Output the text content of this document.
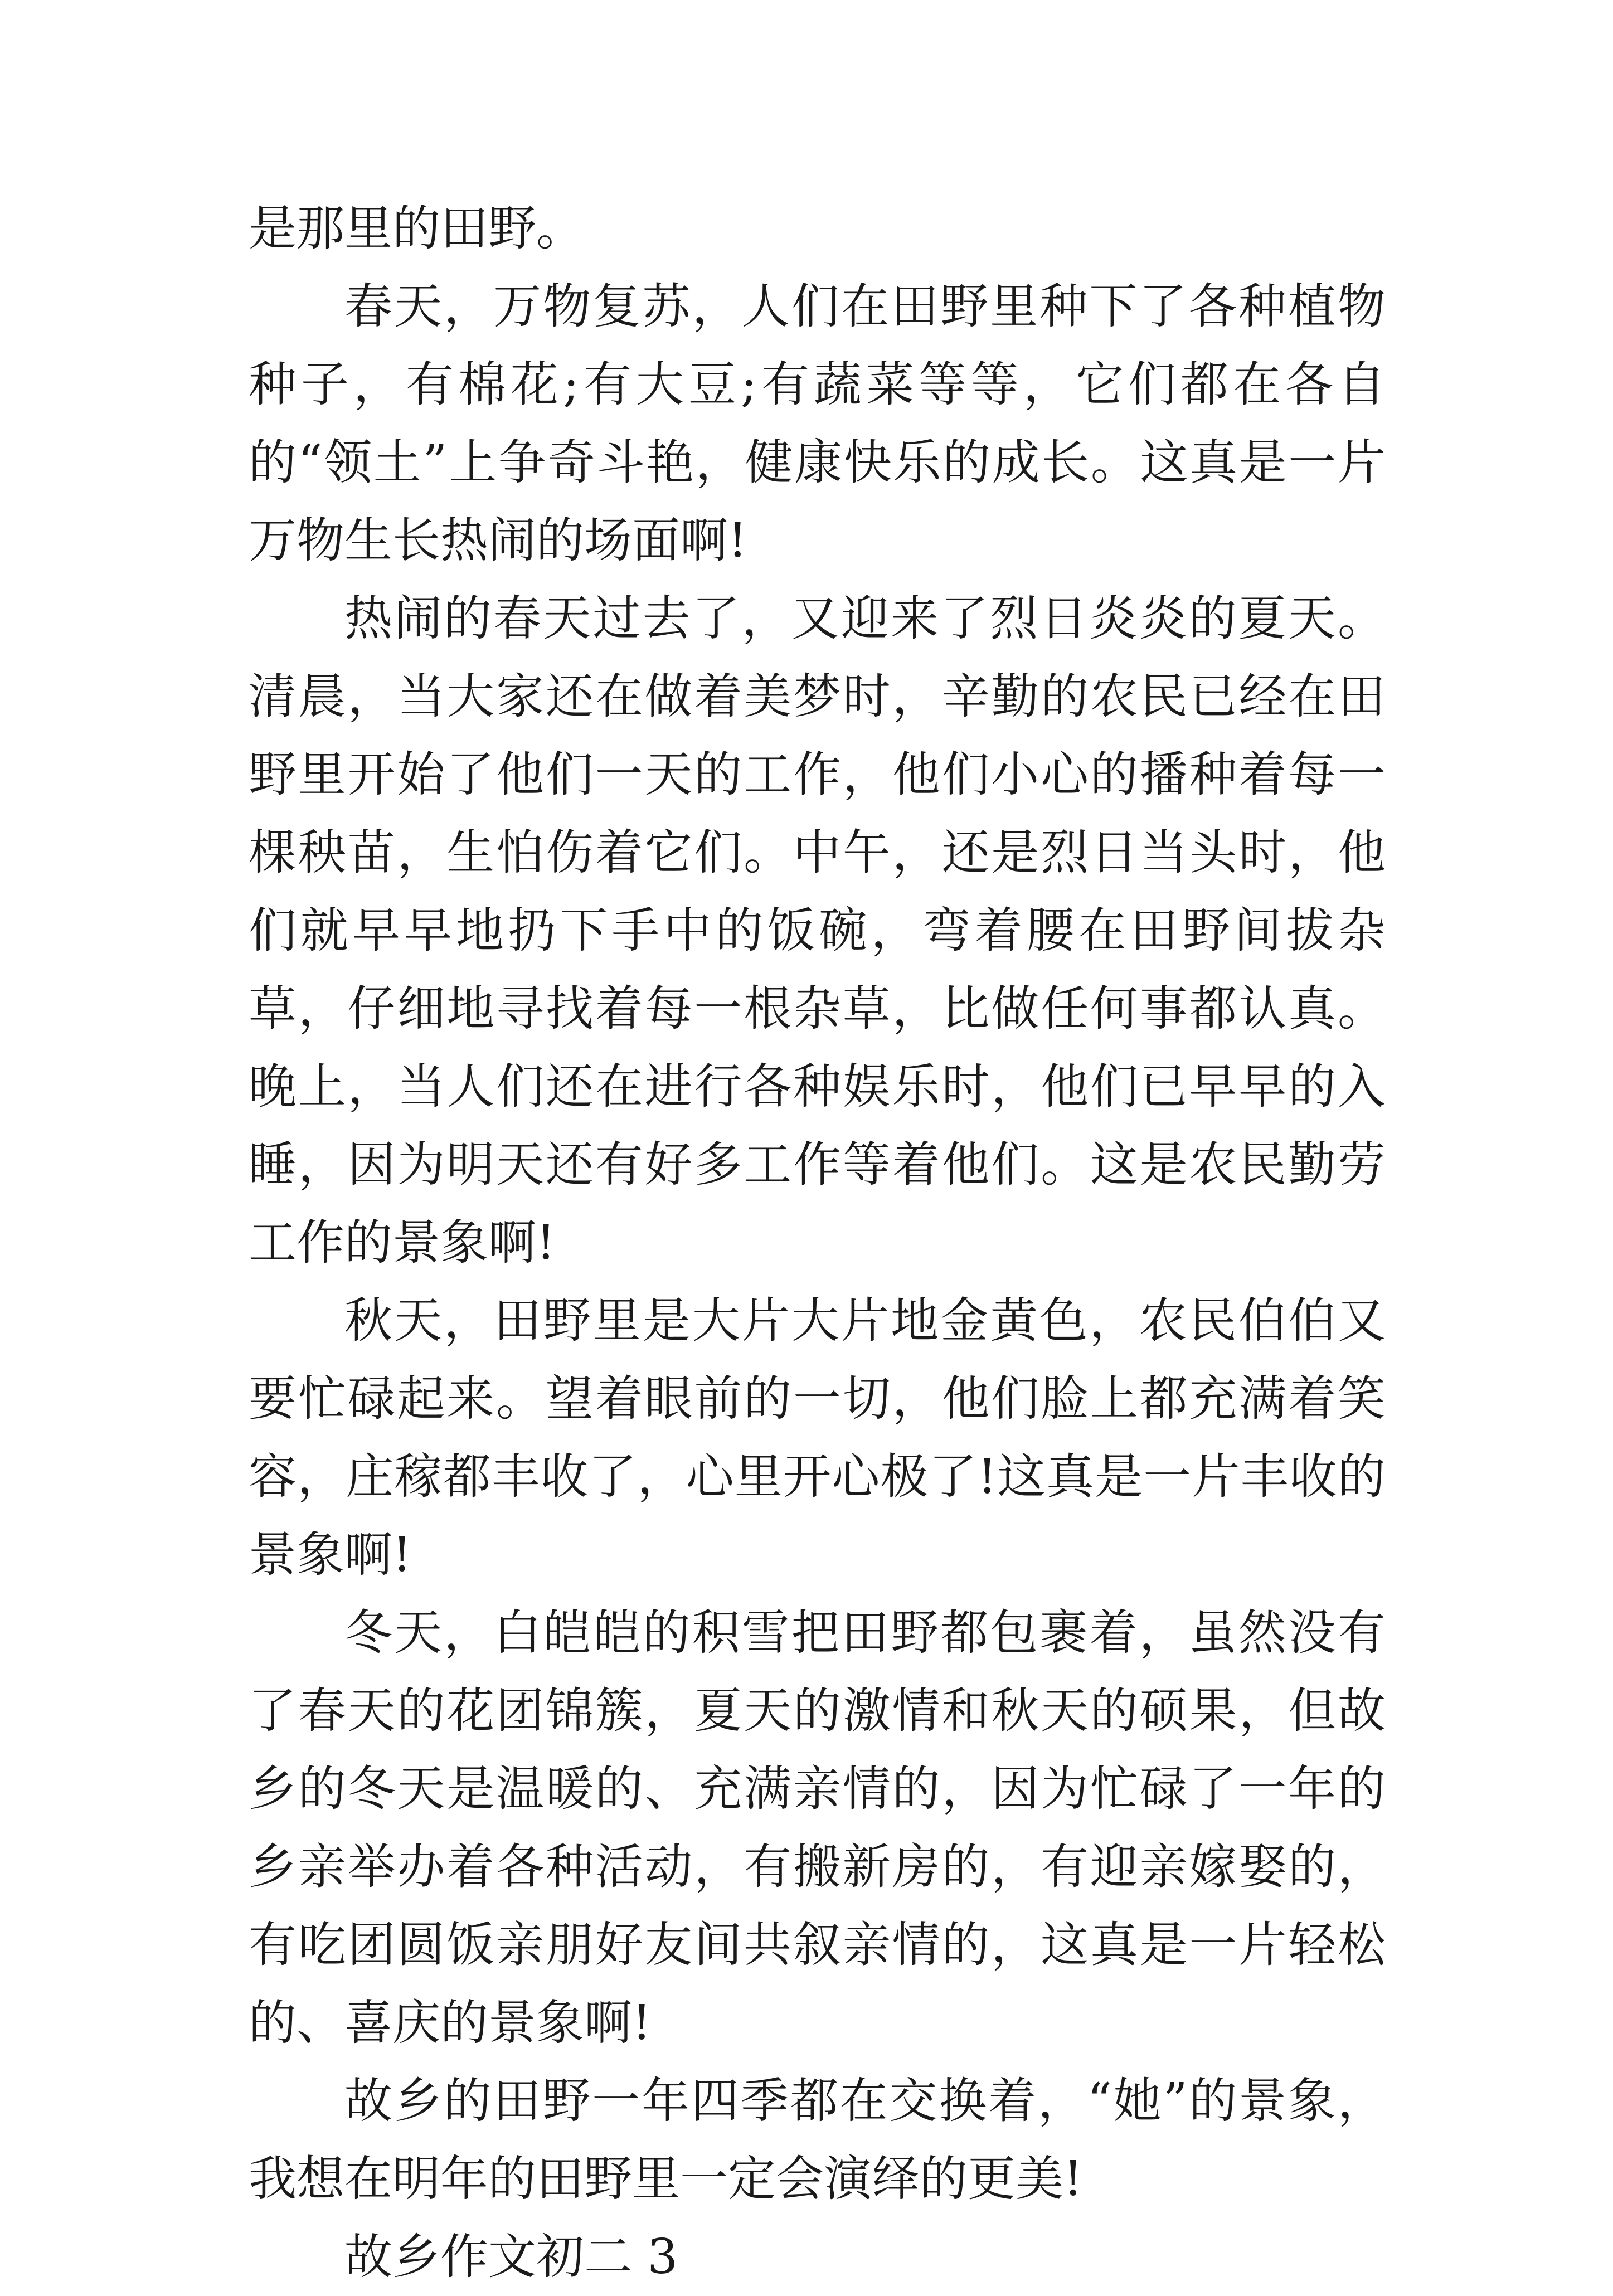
是那里的田野。

春天，万物复苏，人们在田野里种下了各种植物种子，有棉花;有大豆;有蔬菜等等，它们都在各自的“领土”上争奇斗艳，健康快乐的成长。这真是一片万物生长热闹的场面啊!

热闹的春天过去了，又迎来了烈日炎炎的夏天。清晨，当大家还在做着美梦时，辛勤的农民已经在田野里开始了他们一天的工作，他们小心的播种着每一棵秧苗，生怕伤着它们。中午，还是烈日当头时，他们就早早地扔下手中的饭碗，弯着腰在田野间拔杂草，仔细地寻找着每一根杂草，比做任何事都认真。晚上，当人们还在进行各种娱乐时，他们已早早的入睡，因为明天还有好多工作等着他们。这是农民勤劳工作的景象啊!

秋天，田野里是大片大片地金黄色，农民伯伯又要忙碌起来。望着眼前的一切，他们脸上都充满着笑容，庄稼都丰收了，心里开心极了!这真是一片丰收的景象啊!

冬天，白皑皑的积雪把田野都包裹着，虽然没有了春天的花团锦簇，夏天的激情和秋天的硕果，但故乡的冬天是温暖的、充满亲情的，因为忙碌了一年的乡亲举办着各种活动，有搬新房的，有迎亲嫁娶的，有吃团圆饭亲朋好友间共叙亲情的，这真是一片轻松的、喜庆的景象啊!

故乡的田野一年四季都在交换着，“她”的景象，我想在明年的田野里一定会演绎的更美!

故乡作文初二 3
